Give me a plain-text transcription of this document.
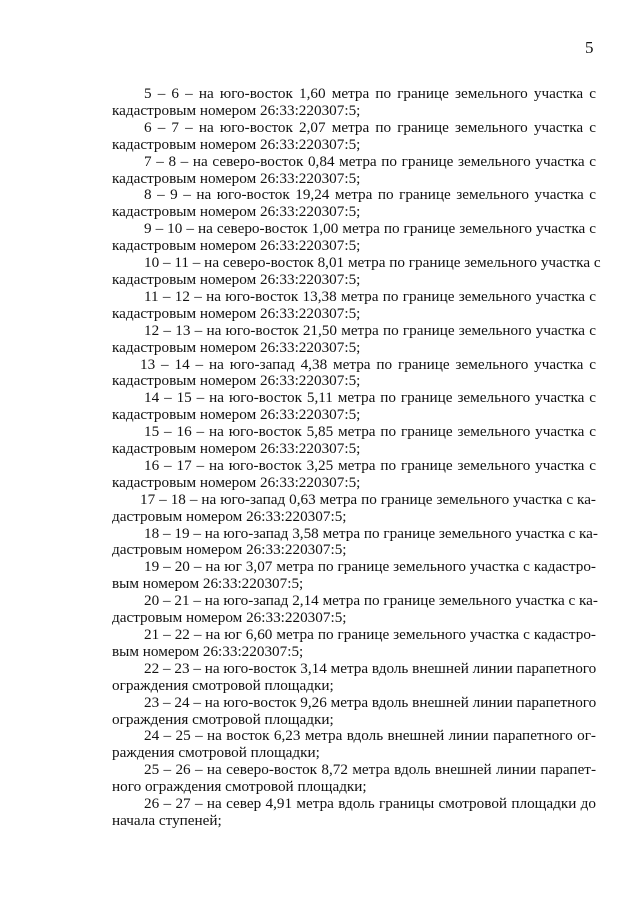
5

5 – 6 – на юго-восток 1,60 метра по границе земельного участка с
кадастровым номером 26:33:220307:5;

6 – 7 – на юго-восток 2,07 метра по границе земельного участка с
кадастровым номером 26:33:220307:5;

7 – 8 – на северо-восток 0,84 метра по границе земельного участка с
кадастровым номером 26:33:220307:5;

8 – 9 – на юго-восток 19,24 метра по границе земельного участка с
кадастровым номером 26:33:220307:5;

9 – 10 – на северо-восток 1,00 метра по границе земельного участка с
кадастровым номером 26:33:220307:5;

10 – 11 – на северо-восток 8,01 метра по границе земельного участка с
кадастровым номером 26:33:220307:5;

11 – 12 – на юго-восток 13,38 метра по границе земельного участка с
кадастровым номером 26:33:220307:5;

12 – 13 – на юго-восток 21,50 метра по границе земельного участка с
кадастровым номером 26:33:220307:5;

13 – 14 – на юго-запад 4,38 метра по границе земельного участка с
кадастровым номером 26:33:220307:5;

14 – 15 – на юго-восток 5,11 метра по границе земельного участка с
кадастровым номером 26:33:220307:5;

15 – 16 – на юго-восток 5,85 метра по границе земельного участка с
кадастровым номером 26:33:220307:5;

16 – 17 – на юго-восток 3,25 метра по границе земельного участка с
кадастровым номером 26:33:220307:5;

17 – 18 – на юго-запад 0,63 метра по границе земельного участка с ка-
дастровым номером 26:33:220307:5;

18 – 19 – на юго-запад 3,58 метра по границе земельного участка с ка-
дастровым номером 26:33:220307:5;

19 – 20 – на юг 3,07 метра по границе земельного участка с кадастро-
вым номером 26:33:220307:5;

20 – 21 – на юго-запад 2,14 метра по границе земельного участка с ка-
дастровым номером 26:33:220307:5;

21 – 22 – на юг 6,60 метра по границе земельного участка с кадастро-
вым номером 26:33:220307:5;

22 – 23 – на юго-восток 3,14 метра вдоль внешней линии парапетного
ограждения смотровой площадки;

23 – 24 – на юго-восток 9,26 метра вдоль внешней линии парапетного
ограждения смотровой площадки;

24 – 25 – на восток 6,23 метра вдоль внешней линии парапетного ог-
раждения смотровой площадки;

25 – 26 – на северо-восток 8,72 метра вдоль внешней линии парапет-
ного ограждения смотровой площадки;

26 – 27 – на север 4,91 метра вдоль границы смотровой площадки до
начала ступеней;
